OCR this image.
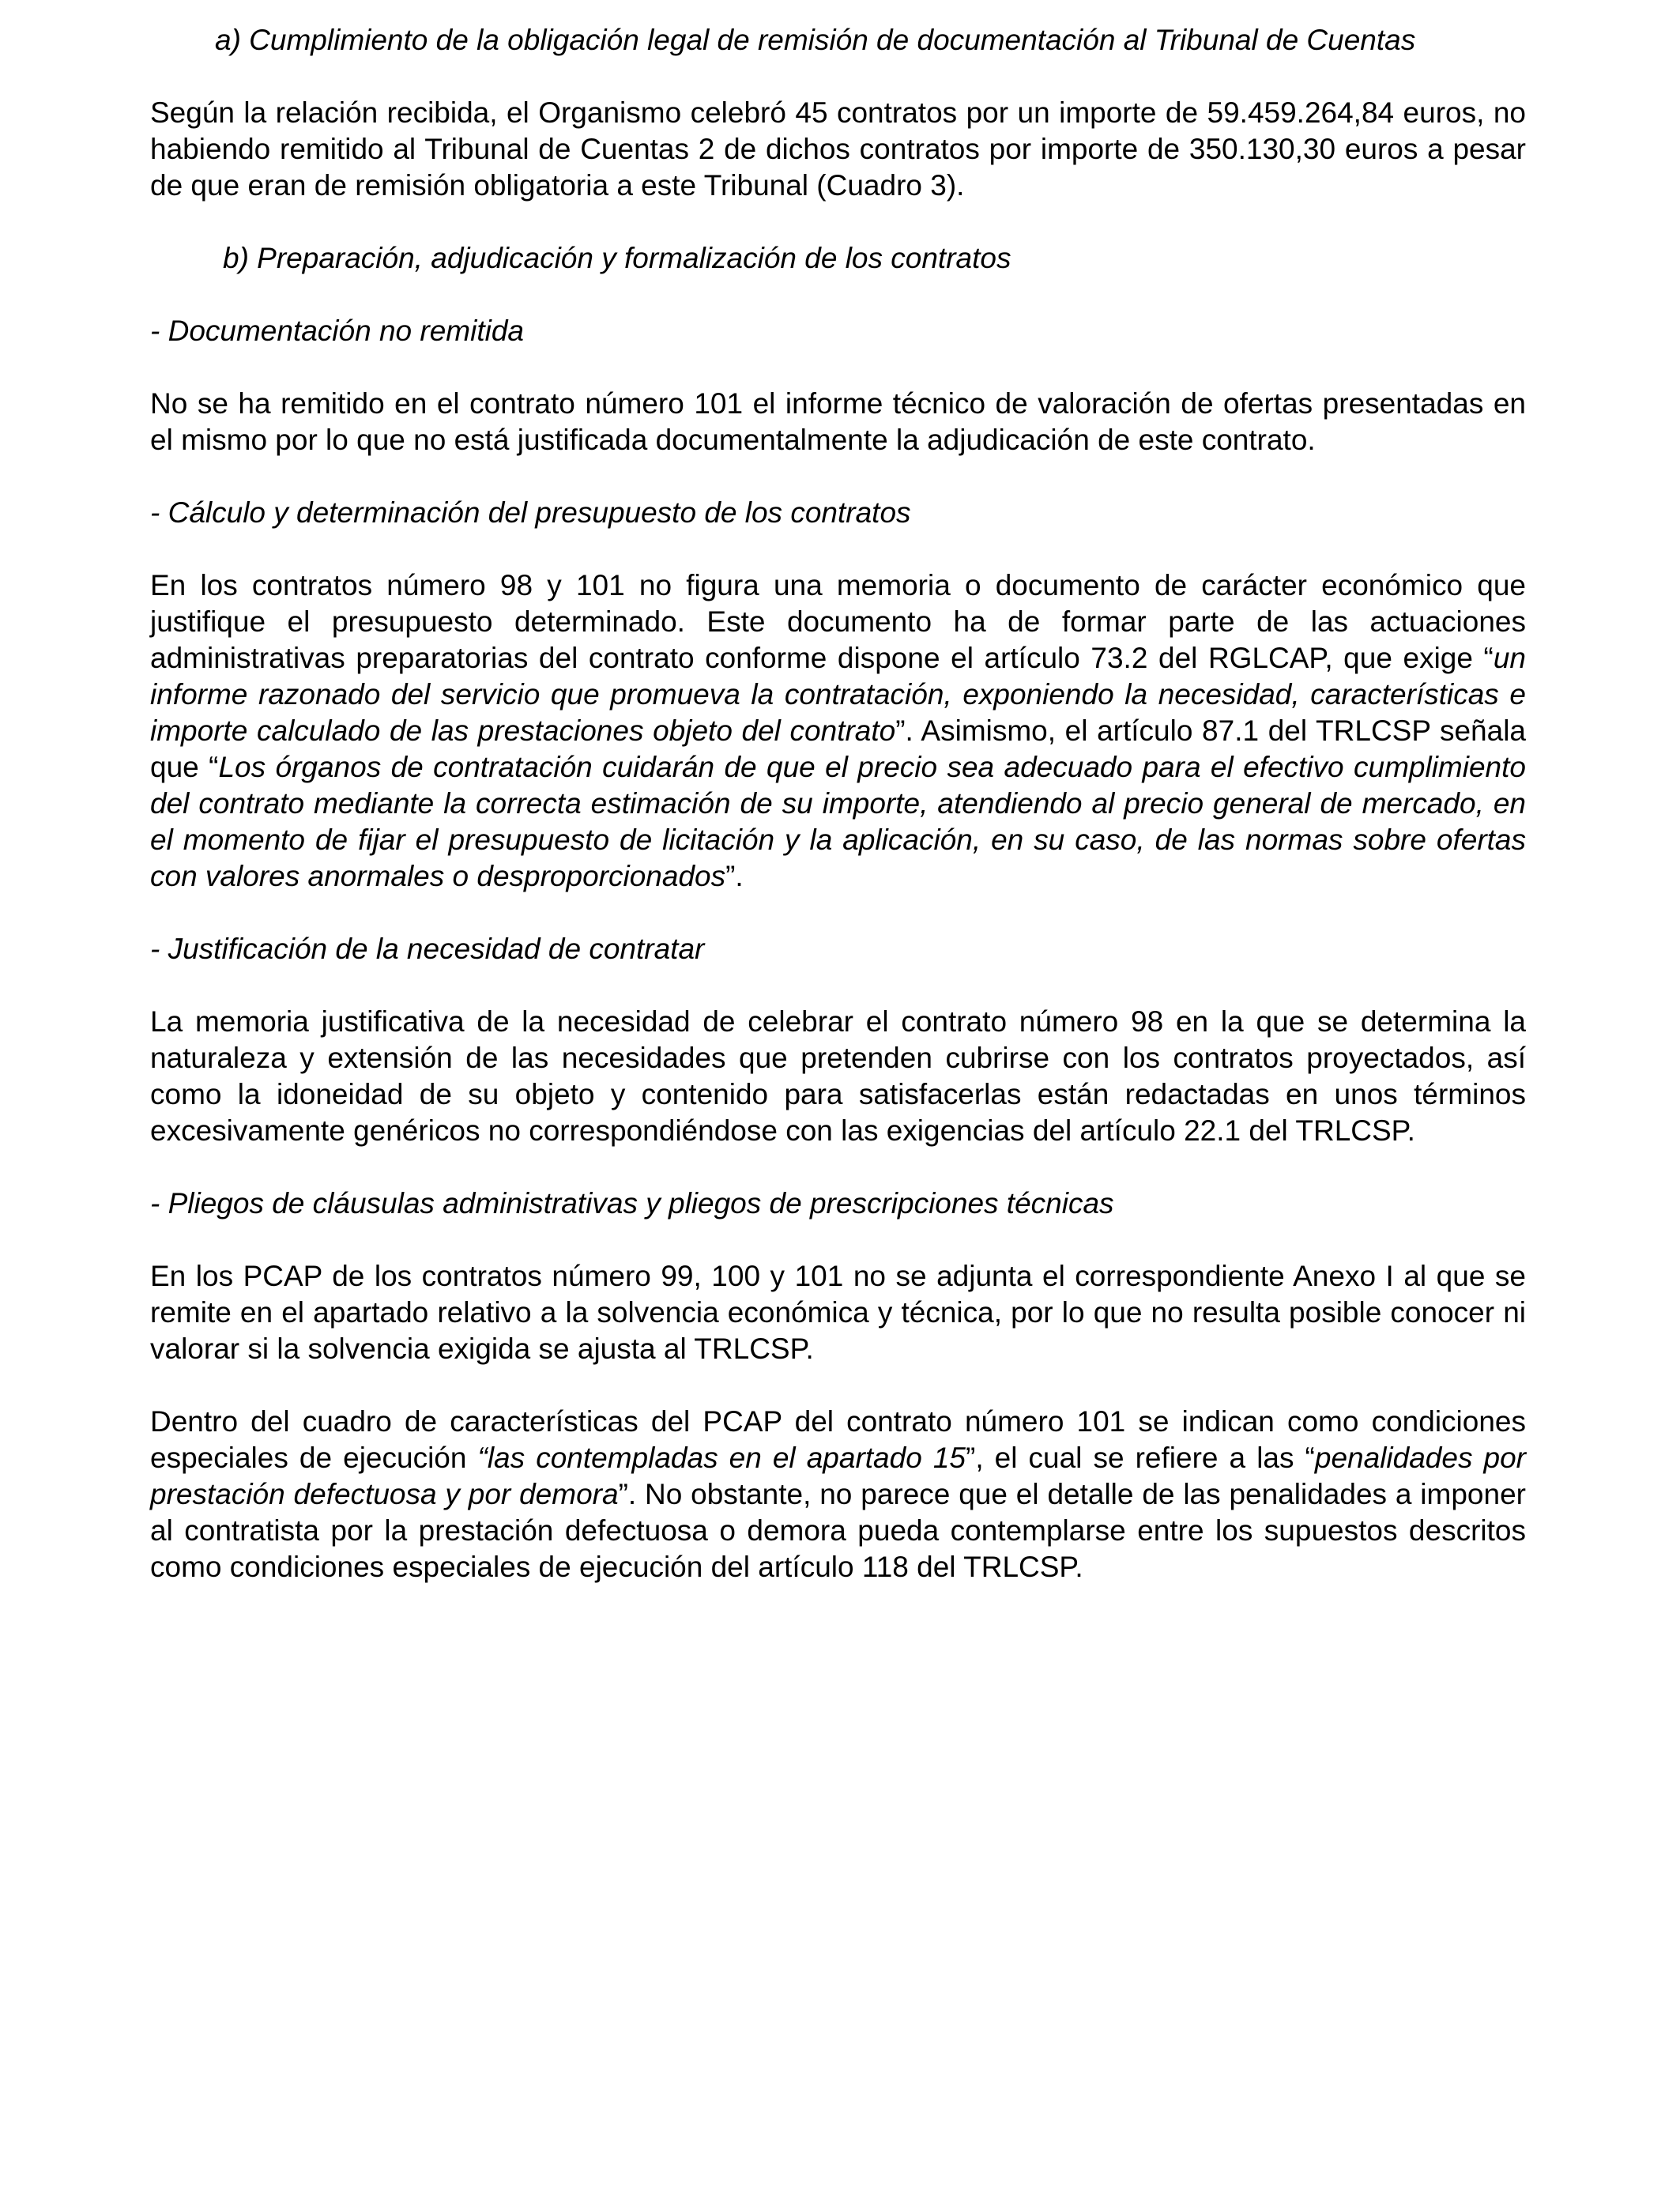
a) Cumplimiento de la obligación legal de remisión de documentación al Tribunal de Cuentas
Según la relación recibida, el Organismo celebró 45 contratos por un importe de 59.459.264,84 euros, no habiendo remitido al Tribunal de Cuentas 2 de dichos contratos por importe de 350.130,30 euros a pesar de que eran de remisión obligatoria a este Tribunal (Cuadro 3).
b) Preparación, adjudicación y formalización de los contratos
- Documentación no remitida
No se ha remitido en el contrato número 101 el informe técnico de valoración de ofertas presentadas en el mismo por lo que no está justificada documentalmente la adjudicación de este contrato.
- Cálculo y determinación del presupuesto de los contratos
En los contratos número 98 y 101 no figura una memoria o documento de carácter económico que justifique el presupuesto determinado. Este documento ha de formar parte de las actuaciones administrativas preparatorias del contrato conforme dispone el artículo 73.2 del RGLCAP, que exige “un informe razonado del servicio que promueva la contratación, exponiendo la necesidad, características e importe calculado de las prestaciones objeto del contrato”. Asimismo, el artículo 87.1 del TRLCSP señala que “Los órganos de contratación cuidarán de que el precio sea adecuado para el efectivo cumplimiento del contrato mediante la correcta estimación de su importe, atendiendo al precio general de mercado, en el momento de fijar el presupuesto de licitación y la aplicación, en su caso, de las normas sobre ofertas con valores anormales o desproporcionados”.
- Justificación de la necesidad de contratar
La memoria justificativa de la necesidad de celebrar el contrato número 98 en la que se determina la naturaleza y extensión de las necesidades que pretenden cubrirse con los contratos proyectados, así como la idoneidad de su objeto y contenido para satisfacerlas están redactadas en unos términos excesivamente genéricos no correspondiéndose con las exigencias del artículo 22.1 del TRLCSP.
- Pliegos de cláusulas administrativas y pliegos de prescripciones técnicas
En los PCAP de los contratos número 99, 100 y 101 no se adjunta el correspondiente Anexo I al que se remite en el apartado relativo a la solvencia económica y técnica, por lo que no resulta posible conocer ni valorar si la solvencia exigida se ajusta al TRLCSP.
Dentro del cuadro de características del PCAP del contrato número 101 se indican como condiciones especiales de ejecución “las contempladas en el apartado 15”, el cual se refiere a las “penalidades por prestación defectuosa y por demora”. No obstante, no parece que el detalle de las penalidades a imponer al contratista por la prestación defectuosa o demora pueda contemplarse entre los supuestos descritos como condiciones especiales de ejecución del artículo 118 del TRLCSP.
